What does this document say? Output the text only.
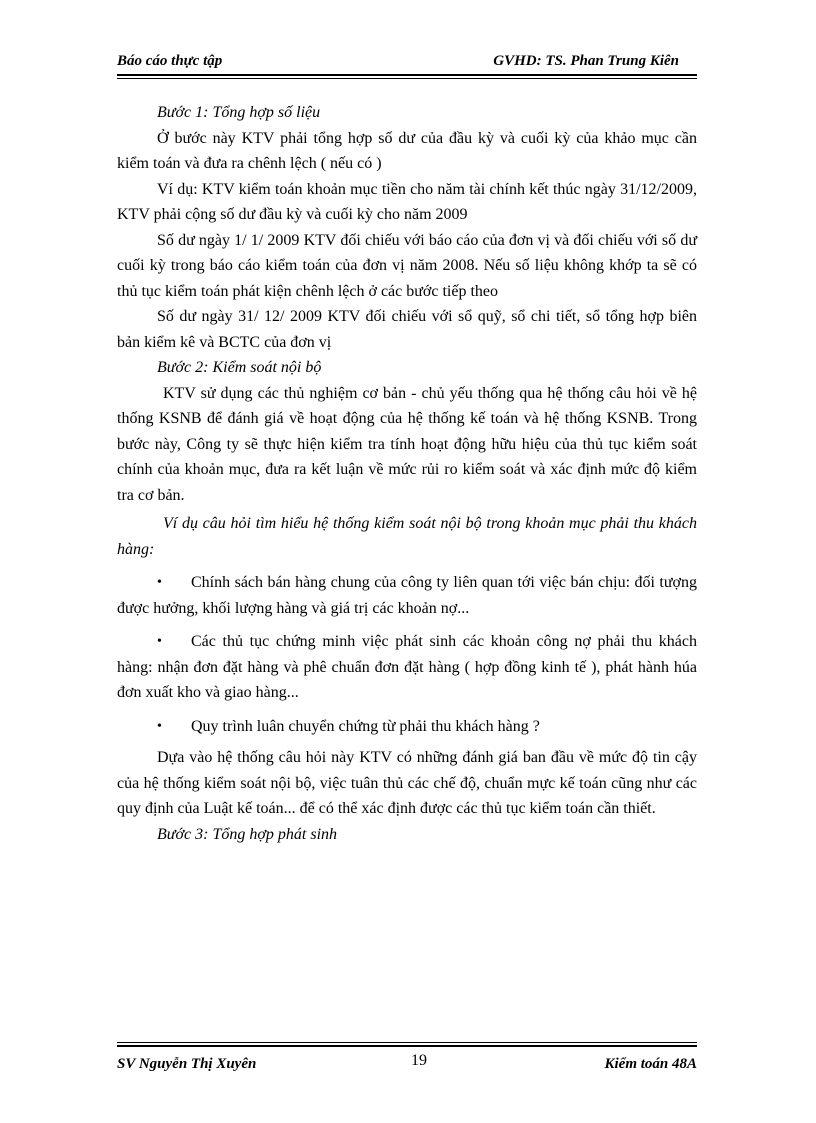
Báo cáo thực tập	GVHD: TS. Phan Trung Kiên

Bước 1: Tổng hợp số liệu

Ở bước này KTV phải tổng hợp số dư của đầu kỳ và cuối kỳ của khảo mục cần kiểm toán và đưa ra chênh lệch ( nếu có )

Ví dụ: KTV kiểm toán khoản mục tiền cho năm tài chính kết thúc ngày 31/12/2009, KTV phải cộng số dư đầu kỳ và cuối kỳ cho năm 2009

Số dư ngày 1/ 1/ 2009 KTV đối chiếu với báo cáo của đơn vị và đối chiếu với số dư cuối kỳ trong báo cáo kiểm toán của đơn vị năm 2008. Nếu số liệu không khớp ta sẽ có thủ tục kiểm toán phát kiện chênh lệch ở các bước tiếp theo

Số dư ngày 31/ 12/ 2009 KTV đối chiếu với sổ quỹ, sổ chi tiết, sổ tổng hợp biên bản kiểm kê và BCTC của đơn vị

Bước 2: Kiểm soát nội bộ

KTV sử dụng các thủ nghiệm cơ bản - chủ yếu thống qua hệ thống câu hỏi về hệ thống KSNB để đánh giá về hoạt động của hệ thống kế toán và hệ thống KSNB. Trong bước này, Công ty sẽ thực hiện kiểm tra tính hoạt động hữu hiệu của thủ tục kiểm soát chính của khoản mục, đưa ra kết luận về mức rủi ro kiểm soát và xác định mức độ kiểm tra cơ bản.

Ví dụ câu hỏi tìm hiểu hệ thống kiểm soát nội bộ trong khoản mục phải thu khách hàng:

• Chính sách bán hàng chung của công ty liên quan tới việc bán chịu: đối tượng được hưởng, khối lượng hàng và giá trị các khoản nợ...

• Các thủ tục chứng minh việc phát sinh các khoản công nợ phải thu khách hàng: nhận đơn đặt hàng và phê chuẩn đơn đặt hàng ( hợp đồng kinh tế ), phát hành húa đơn xuất kho và giao hàng...

• Quy trình luân chuyển chứng từ phải thu khách hàng ?

Dựa vào hệ thống câu hỏi này KTV có những đánh giá ban đầu về mức độ tin cậy của hệ thống kiểm soát nội bộ, việc tuân thủ các chế độ, chuẩn mực kế toán cũng như các quy định của Luật kế toán... để có thể xác định được các thủ tục kiểm toán cần thiết.

Bước 3: Tổng hợp phát sinh

SV Nguyễn Thị Xuyên	19	Kiểm toán 48A
